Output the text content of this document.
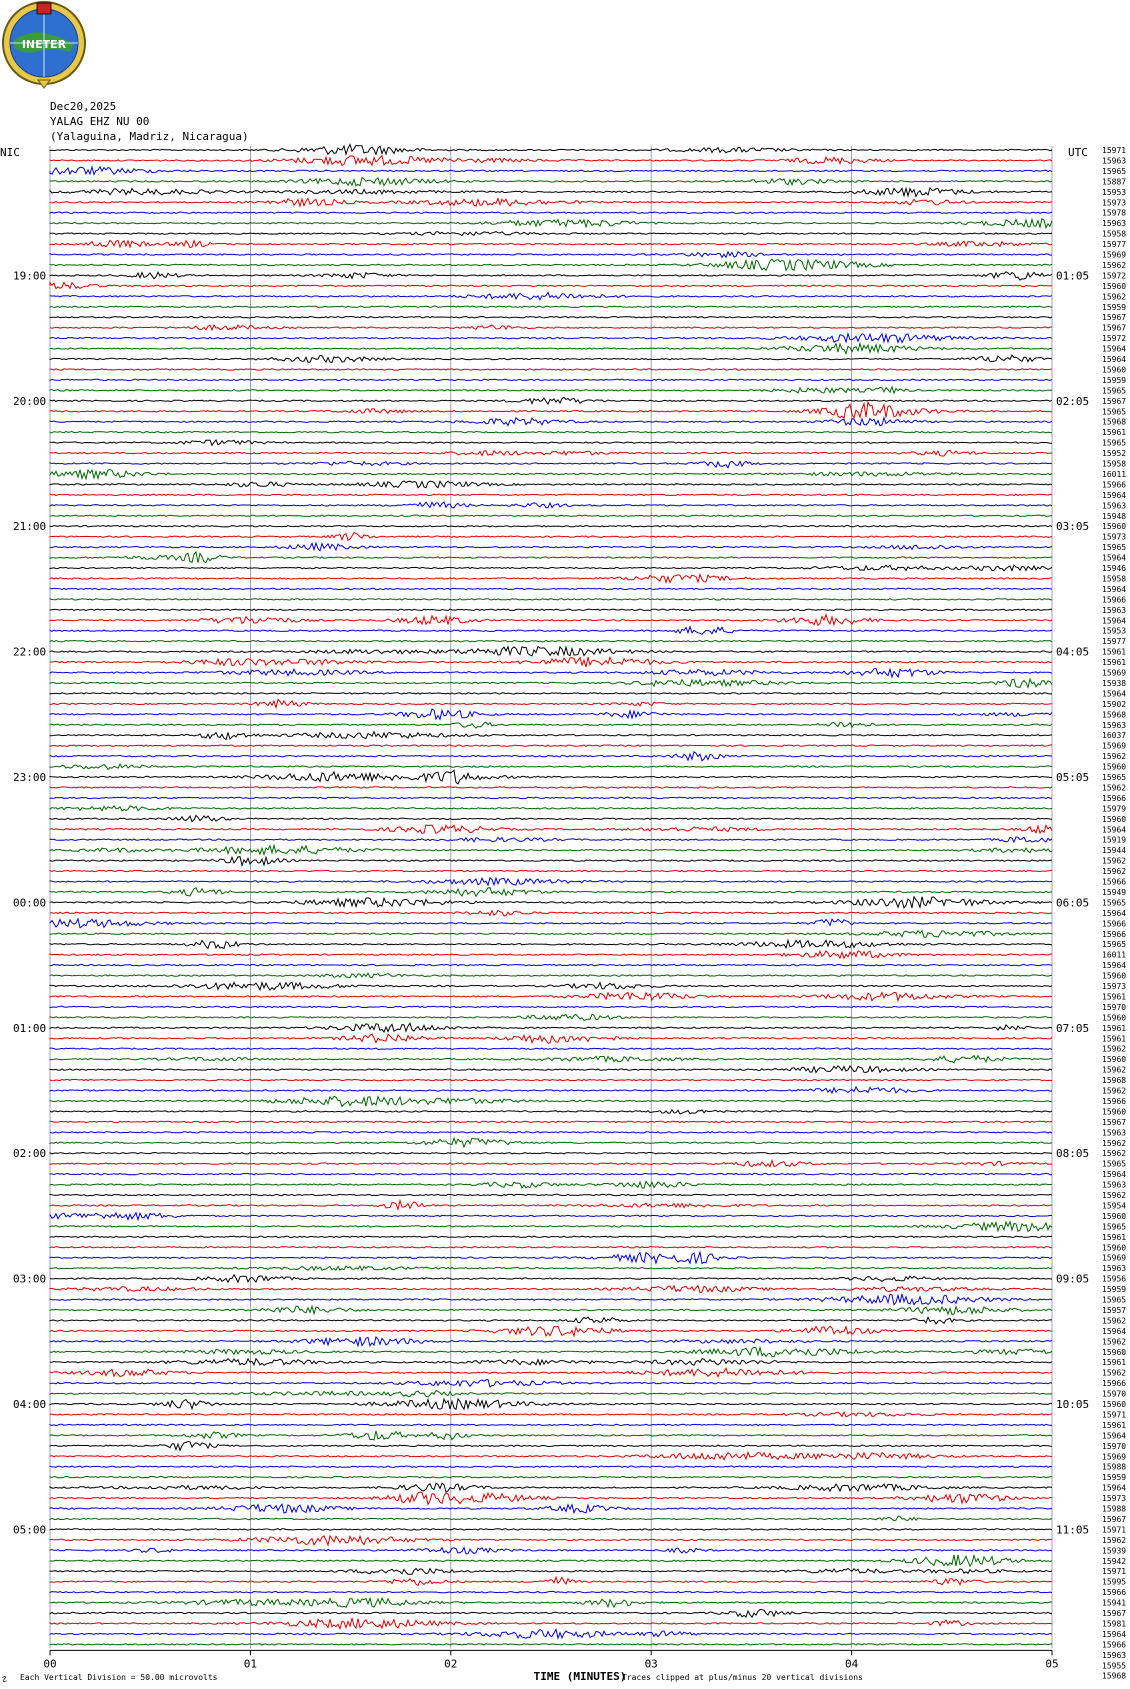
INETER
Dec20,2025
YALAG EHZ NU 00
(Yalaguina, Madriz, Nicaragua)
NIC	UTC
19:00
20:00
21:00
22:00
23:00
00:00
01:00
02:00
03:00
04:00
05:00
01:05
02:05
03:05
04:05
05:05
06:05
07:05
08:05
09:05
10:05
11:05
15971
15963
15965
15887
15953
15973
15978
15963
15958
15977
15969
15962
15972
15960
15962
15959
15967
15967
15972
15964
15964
15960
15959
15965
15967
15965
15968
15961
15965
15952
15958
16011
15966
15964
15963
15948
15960
15973
15965
15964
15946
15958
15964
15966
15963
15964
15953
15977
15961
15961
15969
15938
15964
15902
15968
15963
16037
15969
15962
15960
15965
15962
15966
15979
15960
15964
15919
15944
15962
15962
15966
15949
15965
15964
15966
15966
15965
16011
15964
15960
15973
15961
15970
15960
15961
15961
15962
15960
15962
15968
15962
15966
15960
15967
15963
15962
15962
15965
15964
15963
15962
15954
15960
15965
15961
15960
15969
15963
15956
15959
15965
15957
15962
15964
15962
15960
15961
15962
15966
15970
15960
15971
15961
15964
15970
15969
15988
15959
15964
15973
15988
15967
15971
15962
15939
15942
15971
15995
15966
15941
15967
15981
15964
15966
15963
15955
15968
00	01	02	03	04	05
TIME (MINUTES)
Each Vertical Division = 50.00 microvolts	Traces clipped at plus/minus 20 vertical divisions
☡
